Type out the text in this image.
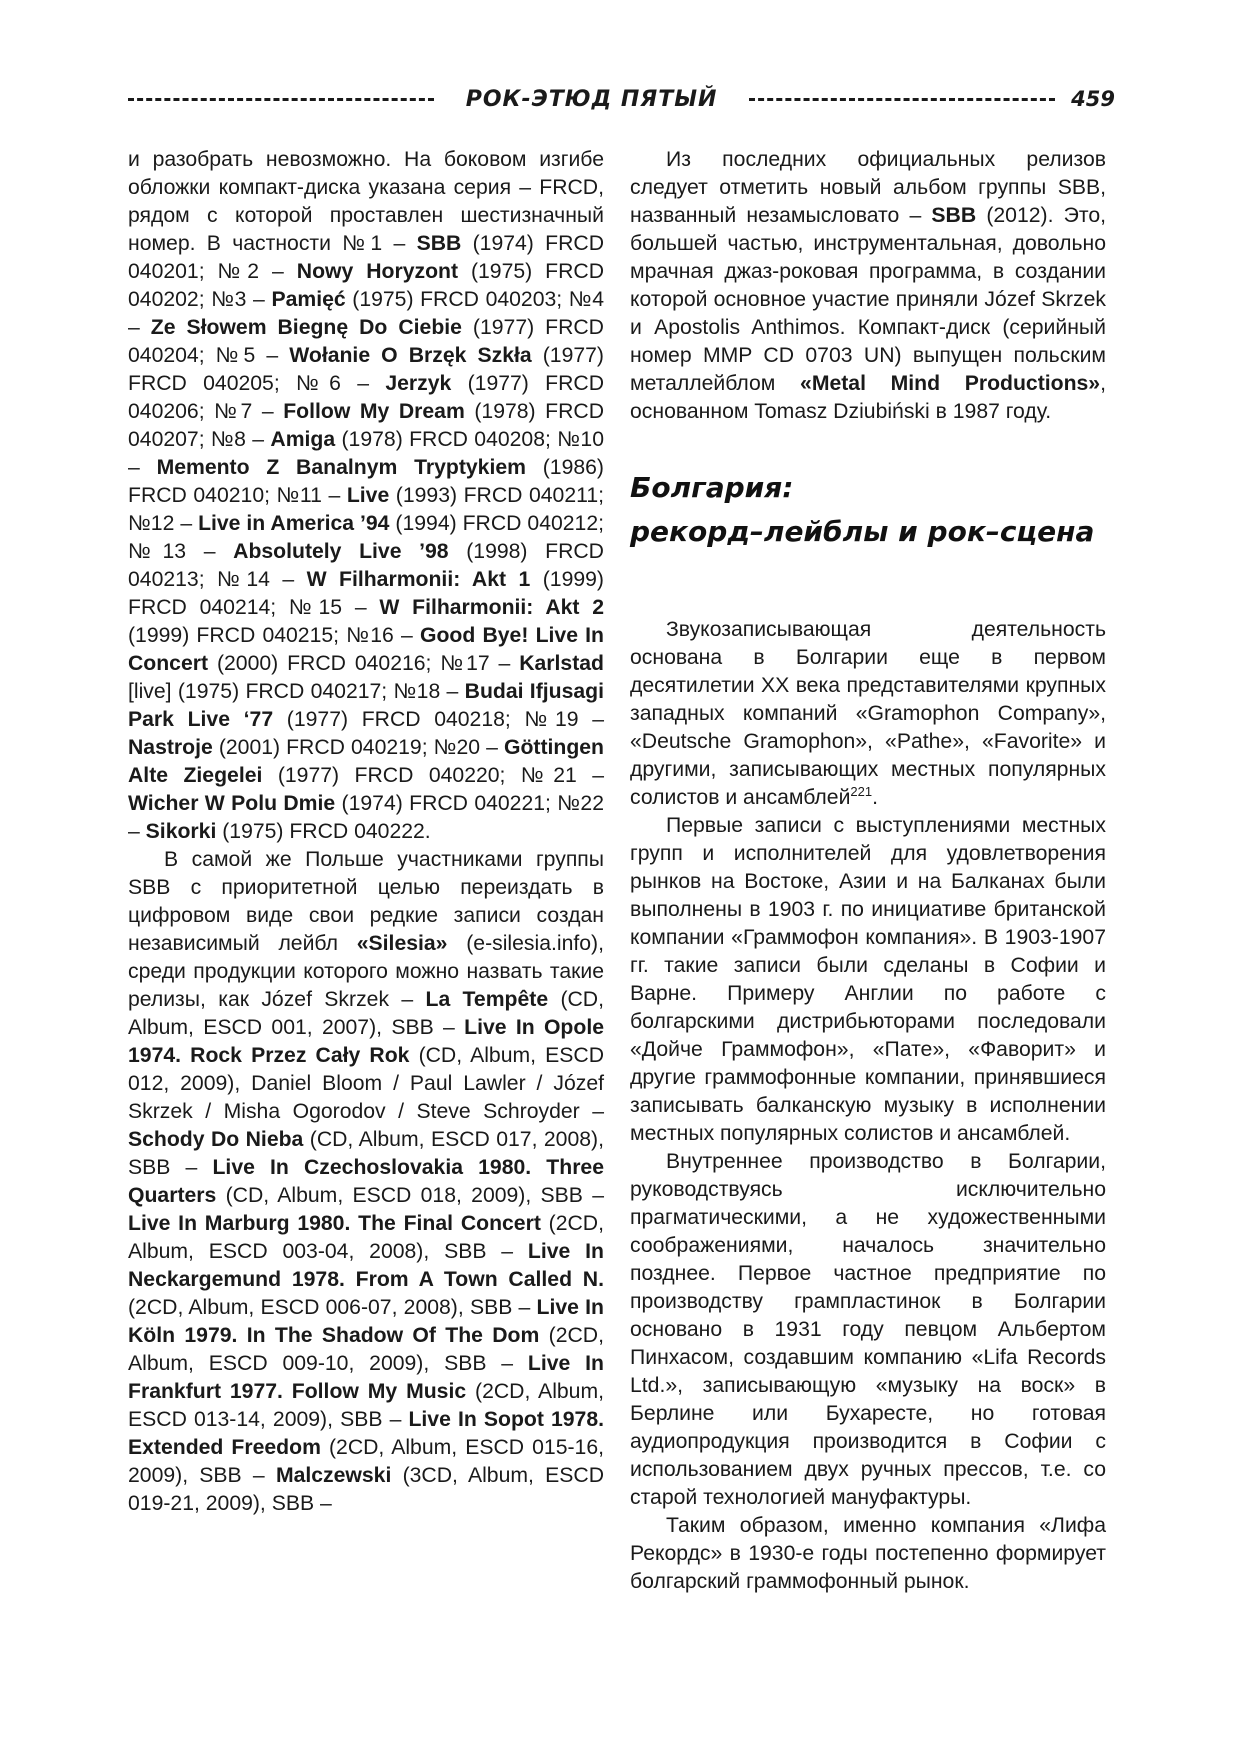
РОК-ЭТЮД ПЯТЫЙ	459

и разобрать невозможно. На боковом изгибе обложки компакт-диска указана серия – FRCD, рядом с которой проставлен шестизначный номер. В частности №1 – SBB (1974) FRCD 040201; №2 – Nowy Horyzont (1975) FRCD 040202; №3 – Pamięć (1975) FRCD 040203; №4 – Ze Słowem Biegnę Do Ciebie (1977) FRCD 040204; №5 – Wołanie O Brzęk Szkła (1977) FRCD 040205; №6 – Jerzyk (1977) FRCD 040206; №7 – Follow My Dream (1978) FRCD 040207; №8 – Amiga (1978) FRCD 040208; №10 – Memento Z Banalnym Tryptykiem (1986) FRCD 040210; №11 – Live (1993) FRCD 040211; №12 – Live in America ’94 (1994) FRCD 040212; №13 – Absolutely Live ’98 (1998) FRCD 040213; №14 – W Filharmonii: Akt 1 (1999) FRCD 040214; №15 – W Filharmonii: Akt 2 (1999) FRCD 040215; №16 – Good Bye! Live In Concert (2000) FRCD 040216; №17 – Karlstad [live] (1975) FRCD 040217; №18 – Budai Ifjusagi Park Live ‘77 (1977) FRCD 040218; №19 – Nastroje (2001) FRCD 040219; №20 – Göttingen Alte Ziegelei (1977) FRCD 040220; №21 – Wicher W Polu Dmie (1974) FRCD 040221; №22 – Sikorki (1975) FRCD 040222.

В самой же Польше участниками группы SBB с приоритетной целью переиздать в цифровом виде свои редкие записи создан независимый лейбл «Silesia» (e-silesia.info), среди продукции которого можно назвать такие релизы, как Józef Skrzek – La Tempête (CD, Album, ESCD 001, 2007), SBB – Live In Opole 1974. Rock Przez Cały Rok (CD, Album, ESCD 012, 2009), Daniel Bloom / Paul Lawler / Józef Skrzek / Misha Ogorodov / Steve Schroyder – Schody Do Nieba (CD, Album, ESCD 017, 2008), SBB – Live In Czechoslovakia 1980. Three Quarters (CD, Album, ESCD 018, 2009), SBB – Live In Marburg 1980. The Final Concert (2CD, Album, ESCD 003-04, 2008), SBB – Live In Neckargemund 1978. From A Town Called N. (2CD, Album, ESCD 006-07, 2008), SBB – Live In Köln 1979. In The Shadow Of The Dom (2CD, Album, ESCD 009-10, 2009), SBB – Live In Frankfurt 1977. Follow My Music (2CD, Album, ESCD 013-14, 2009), SBB – Live In Sopot 1978. Extended Freedom (2CD, Album, ESCD 015-16, 2009), SBB – Malczewski (3CD, Album, ESCD 019-21, 2009), SBB –

Из последних официальных релизов следует отметить новый альбом группы SBB, названный незамысловато – SBB (2012). Это, большей частью, инструментальная, довольно мрачная джаз-роковая программа, в создании которой основное участие приняли Józef Skrzek и Apostolis Anthimos. Компакт-диск (серийный номер MMP CD 0703 UN) выпущен польским металлейблом «Metal Mind Productions», основанном Tomasz Dziubiński в 1987 году.

Болгария:
рекорд–лейблы и рок–сцена

Звукозаписывающая деятельность основана в Болгарии еще в первом десятилетии XX века представителями крупных западных компаний «Gramophon Company», «Deutsche Gramophon», «Pathe», «Favorite» и другими, записывающих местных популярных солистов и ансамблей$^{221}$.

Первые записи с выступлениями местных групп и исполнителей для удовлетворения рынков на Востоке, Азии и на Балканах были выполнены в 1903 г. по инициативе британской компании «Граммофон компания». В 1903-1907 гг. такие записи были сделаны в Софии и Варне. Примеру Англии по работе с болгарскими дистрибьюторами последовали «Дойче Граммофон», «Пате», «Фаворит» и другие граммофонные компании, принявшиеся записывать балканскую музыку в исполнении местных популярных солистов и ансамблей.

Внутреннее производство в Болгарии, руководствуясь исключительно прагматическими, а не художественными соображениями, началось значительно позднее. Первое частное предприятие по производству грампластинок в Болгарии основано в 1931 году певцом Альбертом Пинхасом, создавшим компанию «Lifa Records Ltd.», записывающую «музыку на воск» в Берлине или Бухаресте, но готовая аудиопродукция производится в Софии с использованием двух ручных прессов, т.е. со старой технологией мануфактуры.

Таким образом, именно компания «Лифа Рекордс» в 1930-е годы постепенно формирует болгарский граммофонный рынок.
